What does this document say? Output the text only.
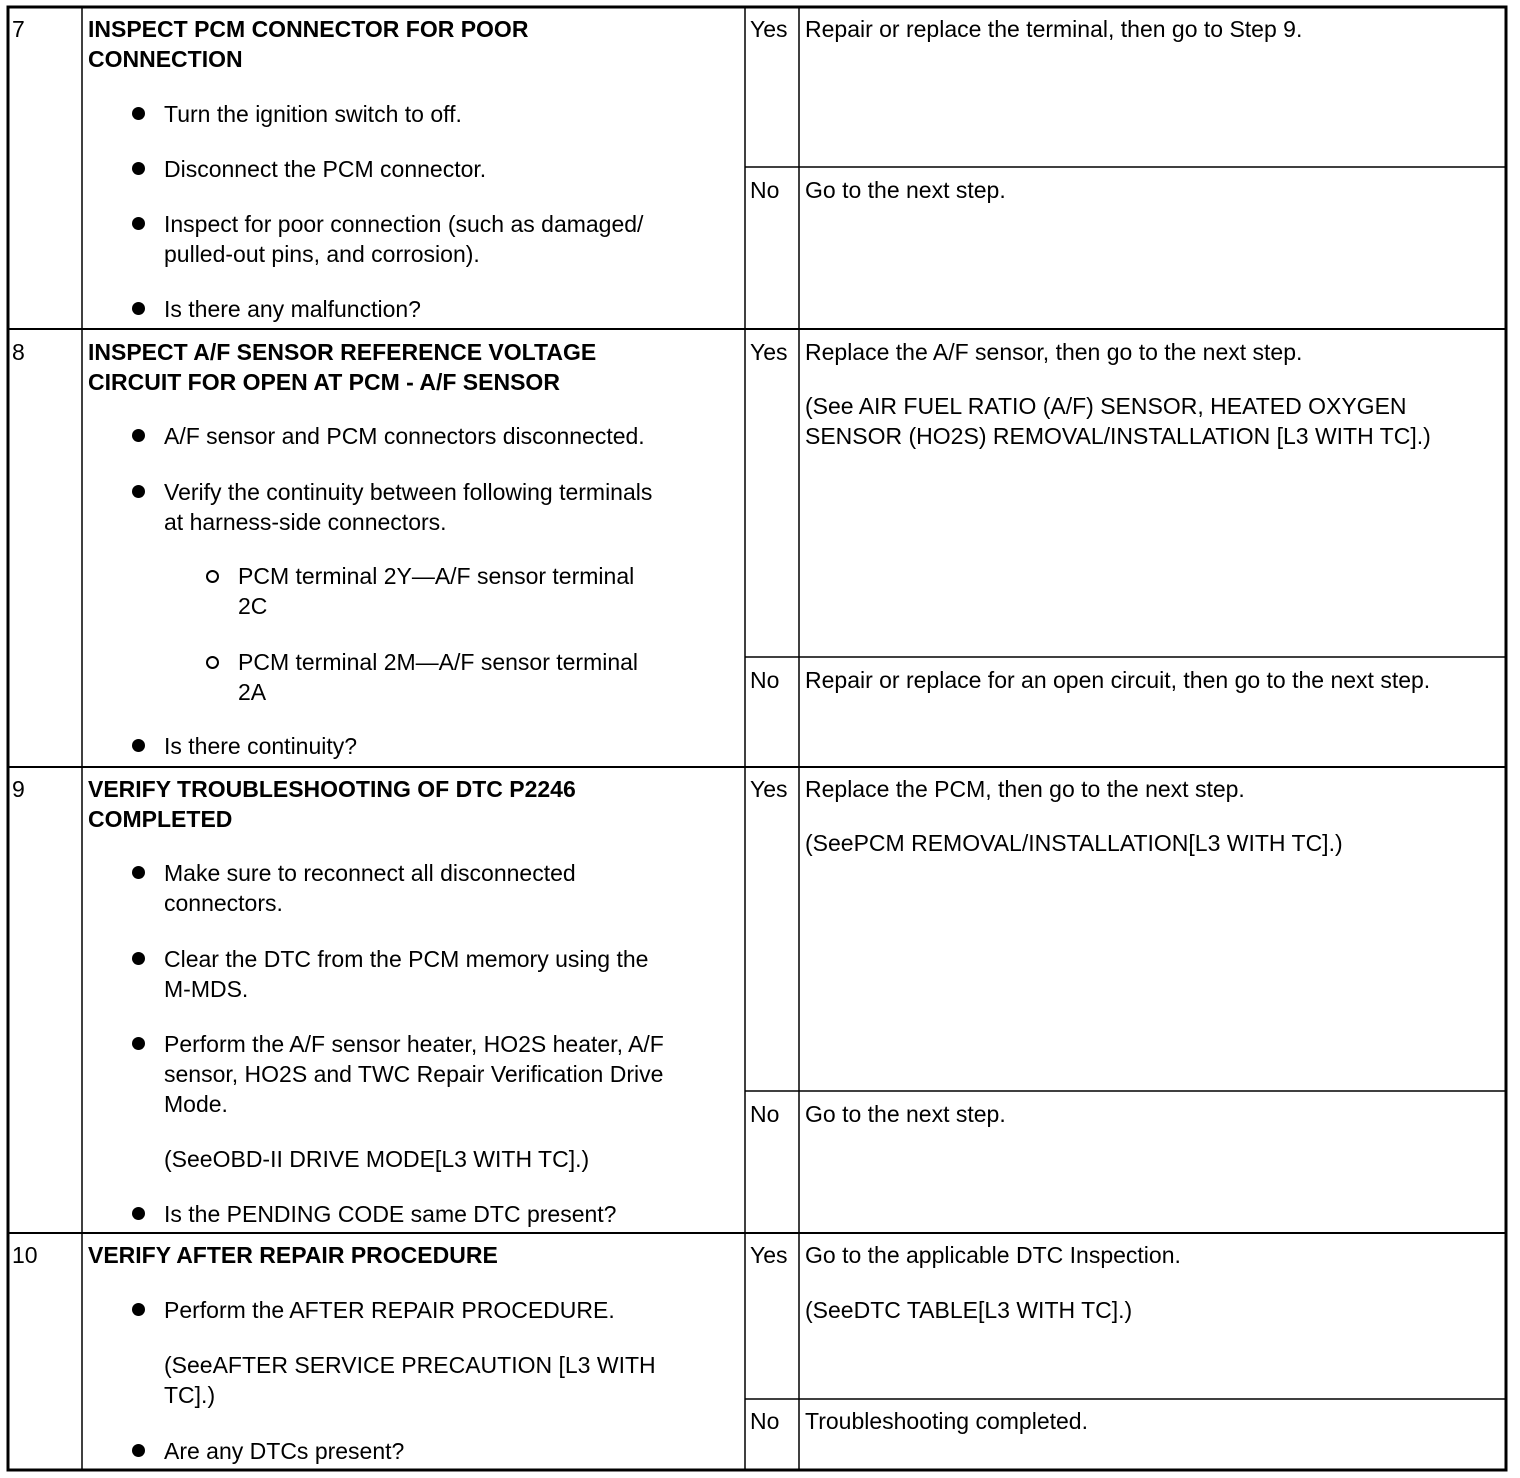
7	INSPECT PCM CONNECTOR FOR POOR
CONNECTION
Turn the ignition switch to off.
Disconnect the PCM connector.
Inspect for poor connection (such as damaged/
pulled-out pins, and corrosion).
Is there any malfunction?
Yes Repair or replace the terminal, then go to Step 9.
No Go to the next step.
8	INSPECT A/F SENSOR REFERENCE VOLTAGE
CIRCUIT FOR OPEN AT PCM - A/F SENSOR
A/F sensor and PCM connectors disconnected.
Verify the continuity between following terminals
at harness-side connectors.
PCM terminal 2Y—A/F sensor terminal
2C
PCM terminal 2M—A/F sensor terminal
2A
Is there continuity?
Yes Replace the A/F sensor, then go to the next step.
(See AIR FUEL RATIO (A/F) SENSOR, HEATED OXYGEN
SENSOR (HO2S) REMOVAL/INSTALLATION [L3 WITH TC].)
No Repair or replace for an open circuit, then go to the next step.
9	VERIFY TROUBLESHOOTING OF DTC P2246
COMPLETED
Make sure to reconnect all disconnected
connectors.
Clear the DTC from the PCM memory using the
M-MDS.
Perform the A/F sensor heater, HO2S heater, A/F
sensor, HO2S and TWC Repair Verification Drive
Mode.
(SeeOBD-II DRIVE MODE[L3 WITH TC].)
Is the PENDING CODE same DTC present?
Yes Replace the PCM, then go to the next step.
(SeePCM REMOVAL/INSTALLATION[L3 WITH TC].)
No Go to the next step.
10 VERIFY AFTER REPAIR PROCEDURE
Perform the AFTER REPAIR PROCEDURE.
(SeeAFTER SERVICE PRECAUTION [L3 WITH
TC].)
Are any DTCs present?
Yes Go to the applicable DTC Inspection.
(SeeDTC TABLE[L3 WITH TC].)
No Troubleshooting completed.
